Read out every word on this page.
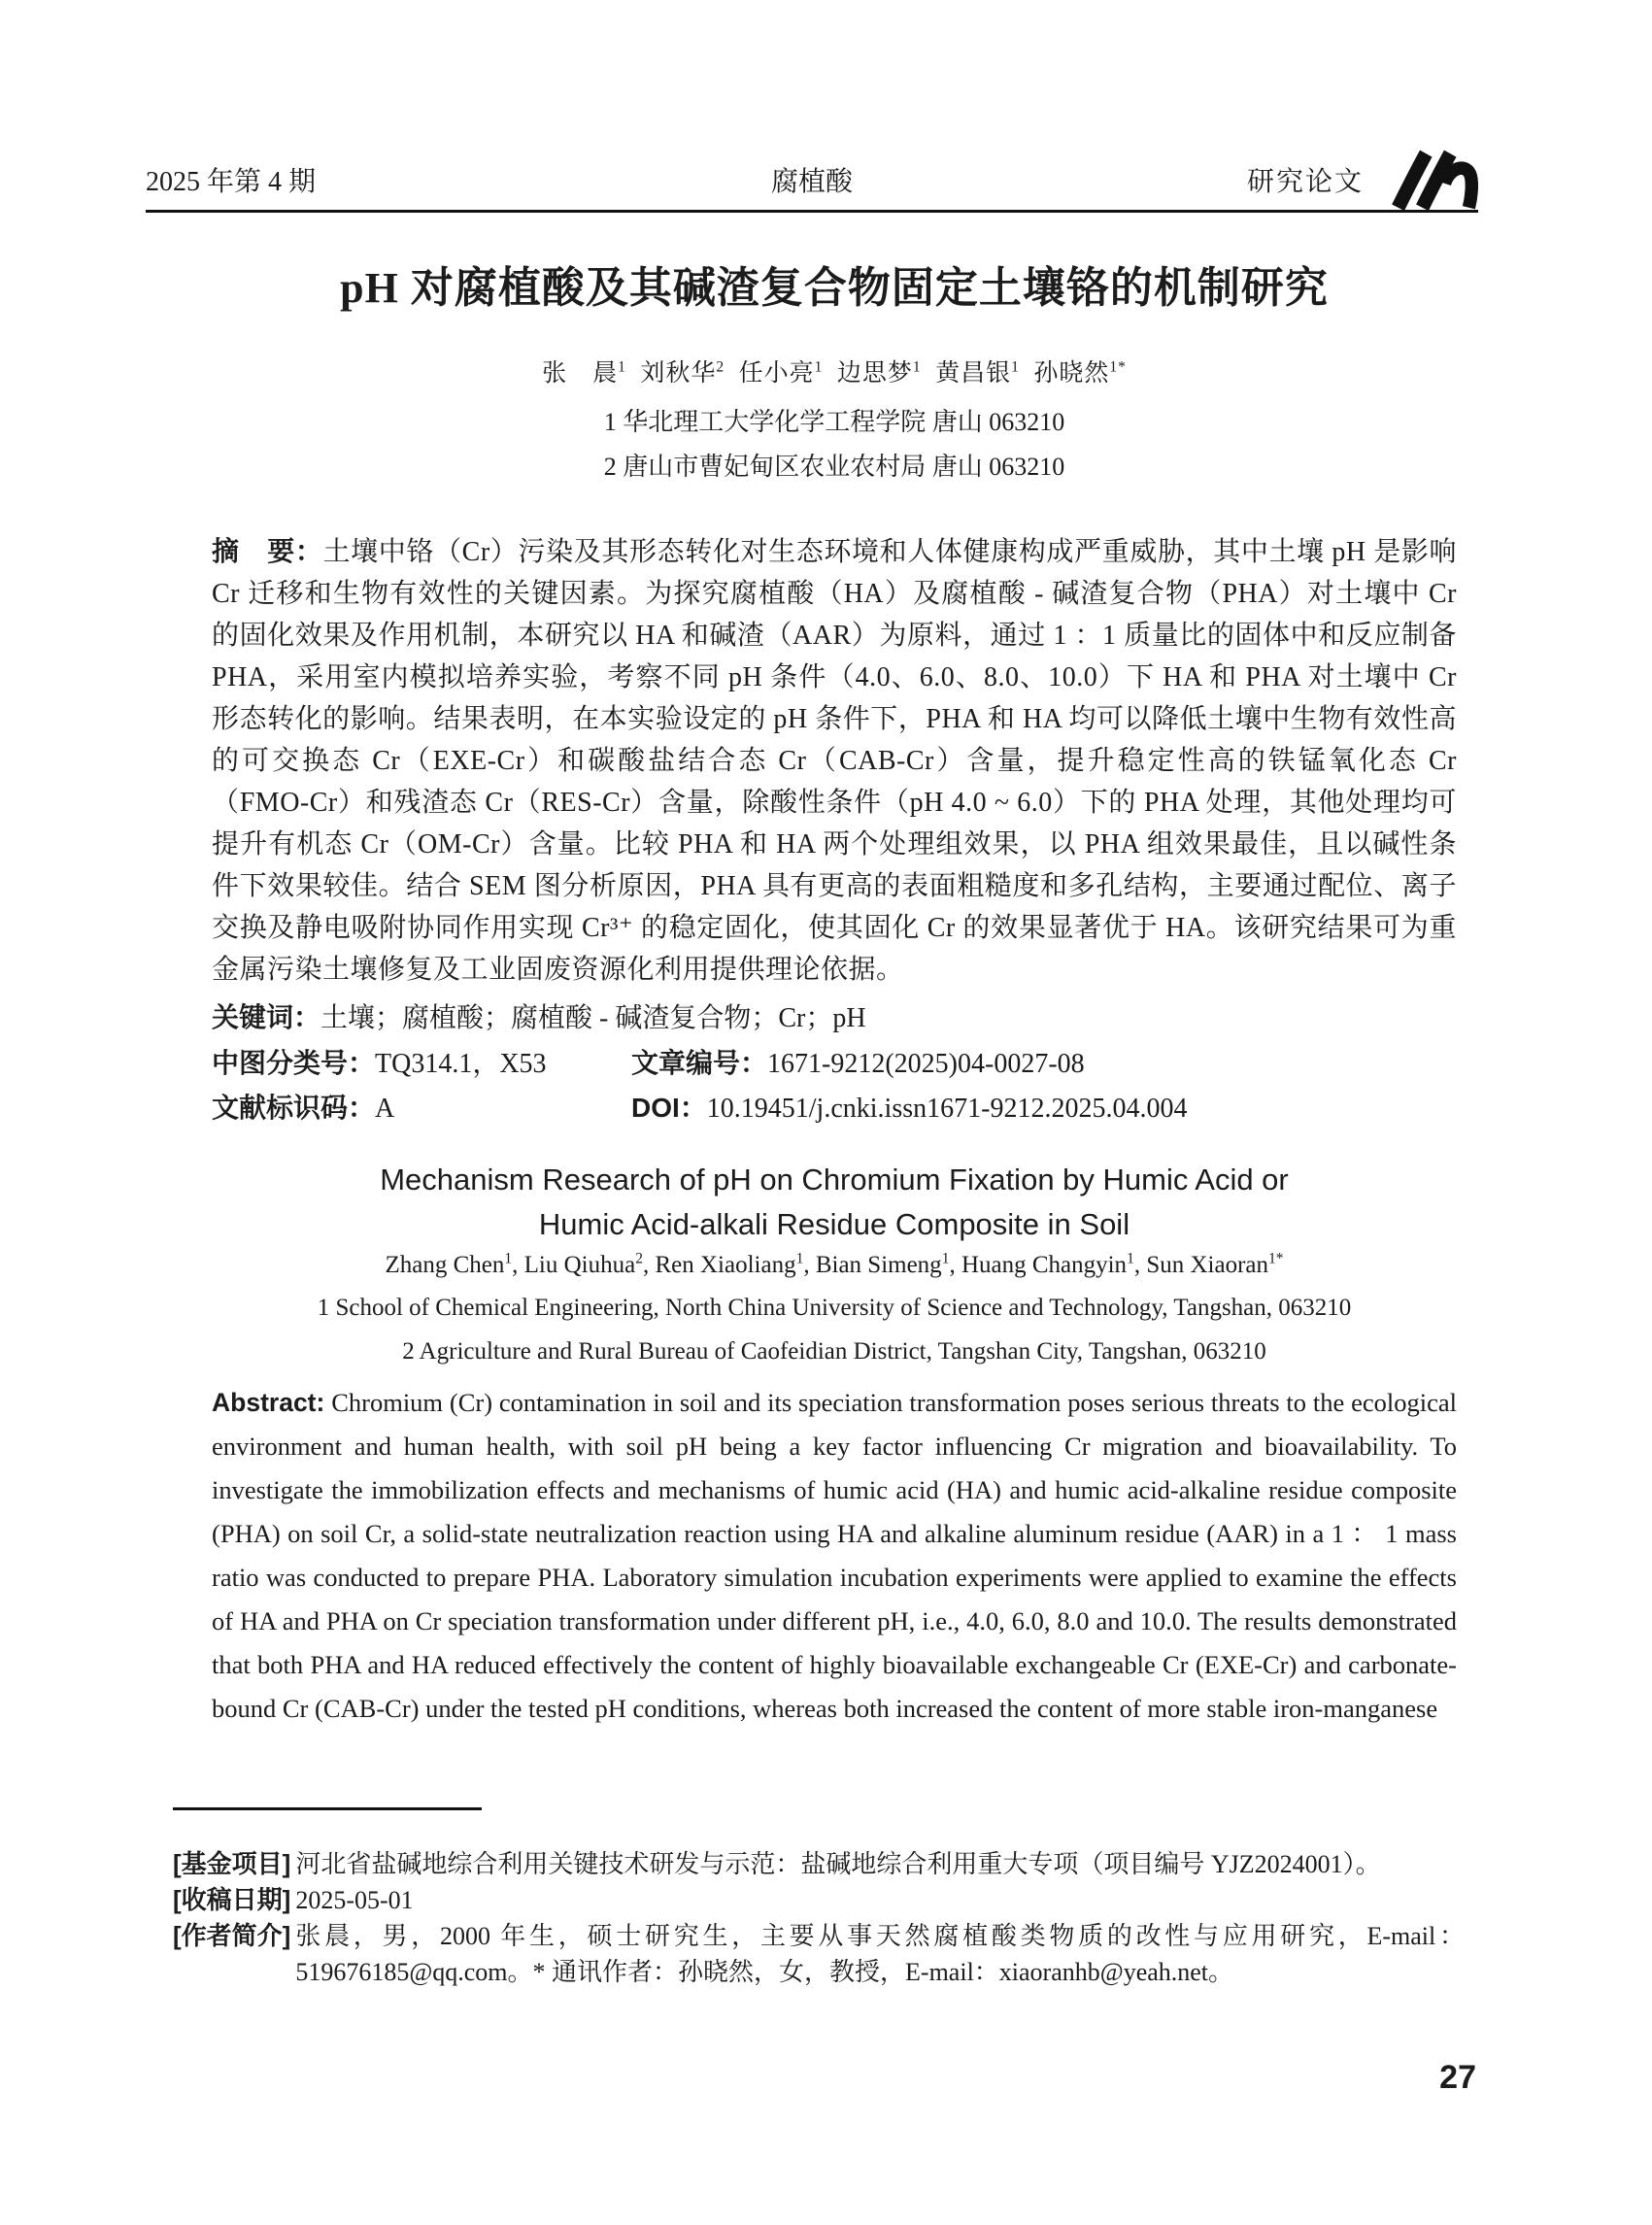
2025 年第 4 期	腐植酸	研究论文
pH 对腐植酸及其碱渣复合物固定土壤铬的机制研究
张　晨$^1$ 刘秋华$^2$ 任小亮$^1$ 边思梦$^1$ 黄昌银$^1$ 孙晓然$^{1*}$
1 华北理工大学化学工程学院 唐山 063210
2 唐山市曹妃甸区农业农村局 唐山 063210

摘　要：土壤中铬（Cr）污染及其形态转化对生态环境和人体健康构成严重威胁，其中土壤 pH 是影响 Cr 迁移和生物有效性的关键因素。为探究腐植酸（HA）及腐植酸 - 碱渣复合物（PHA）对土壤中 Cr 的固化效果及作用机制，本研究以 HA 和碱渣（AAR）为原料，通过 1 ：1 质量比的固体中和反应制备 PHA，采用室内模拟培养实验，考察不同 pH 条件（4.0、6.0、8.0、10.0）下 HA 和 PHA 对土壤中 Cr 形态转化的影响。结果表明，在本实验设定的 pH 条件下，PHA 和 HA 均可以降低土壤中生物有效性高的可交换态 Cr（EXE-Cr）和碳酸盐结合态 Cr（CAB-Cr）含量，提升稳定性高的铁锰氧化态 Cr（FMO-Cr）和残渣态 Cr（RES-Cr）含量，除酸性条件（pH 4.0 ~ 6.0）下的 PHA 处理，其他处理均可提升有机态 Cr（OM-Cr）含量。比较 PHA 和 HA 两个处理组效果，以 PHA 组效果最佳，且以碱性条件下效果较佳。结合 SEM 图分析原因，PHA 具有更高的表面粗糙度和多孔结构，主要通过配位、离子交换及静电吸附协同作用实现 Cr³⁺ 的稳定固化，使其固化 Cr 的效果显著优于 HA。该研究结果可为重金属污染土壤修复及工业固废资源化利用提供理论依据。

关键词：土壤；腐植酸；腐植酸 - 碱渣复合物；Cr；pH
中图分类号：TQ314.1，X53	文章编号：1671-9212(2025)04-0027-08
文献标识码：A	DOI：10.19451/j.cnki.issn1671-9212.2025.04.004
Mechanism Research of pH on Chromium Fixation by Humic Acid or
Humic Acid-alkali Residue Composite in Soil
Zhang Chen$^1$, Liu Qiuhua$^2$, Ren Xiaoliang$^1$, Bian Simeng$^1$, Huang Changyin$^1$, Sun Xiaoran$^{1*}$
1 School of Chemical Engineering, North China University of Science and Technology, Tangshan, 063210
2 Agriculture and Rural Bureau of Caofeidian District, Tangshan City, Tangshan, 063210

Abstract: Chromium (Cr) contamination in soil and its speciation transformation poses serious threats to the ecological environment and human health, with soil pH being a key factor influencing Cr migration and bioavailability. To investigate the immobilization effects and mechanisms of humic acid (HA) and humic acid-alkaline residue composite (PHA) on soil Cr, a solid-state neutralization reaction using HA and alkaline aluminum residue (AAR) in a 1 ： 1 mass ratio was conducted to prepare PHA. Laboratory simulation incubation experiments were applied to examine the effects of HA and PHA on Cr speciation transformation under different pH, i.e., 4.0, 6.0, 8.0 and 10.0. The results demonstrated that both PHA and HA reduced effectively the content of highly bioavailable exchangeable Cr (EXE-Cr) and carbonate-bound Cr (CAB-Cr) under the tested pH conditions, whereas both increased the content of more stable iron-manganese

[基金项目] 河北省盐碱地综合利用关键技术研发与示范：盐碱地综合利用重大专项（项目编号 YJZ2024001）。
[收稿日期] 2025-05-01
[作者简介] 张晨，男，2000 年生，硕士研究生，主要从事天然腐植酸类物质的改性与应用研究，E-mail：519676185@qq.com。* 通讯作者：孙晓然，女，教授，E-mail：xiaoranhb@yeah.net。
27
